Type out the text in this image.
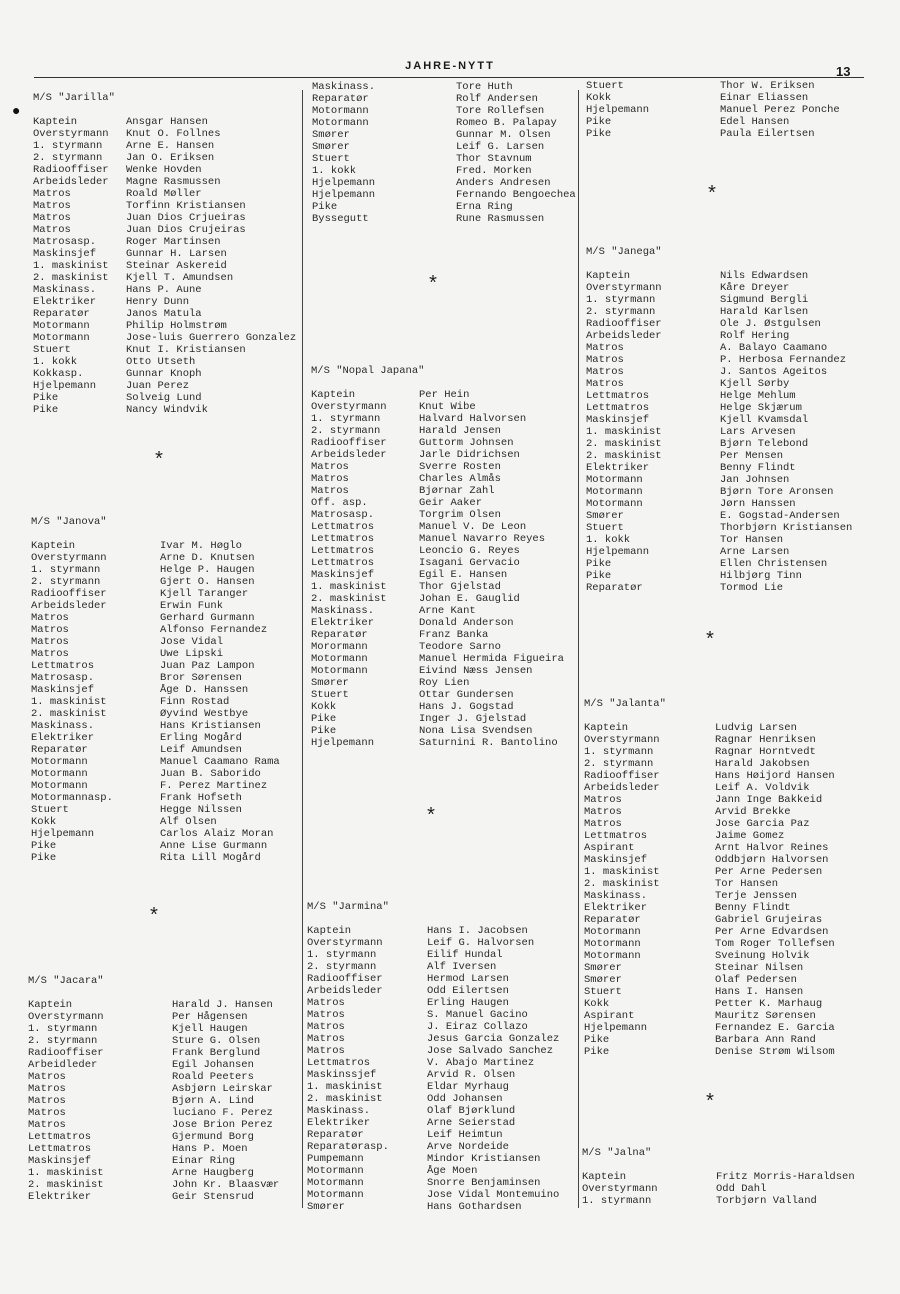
JAHRE-NYTT	13
●
M/S "Jarilla"
Kaptein	Ansgar Hansen
Overstyrmann	Knut O. Follnes
1. styrmann	Arne E. Hansen
2. styrmann	Jan O. Eriksen
Radiooffiser	Wenke Hovden
Arbeidsleder	Magne Rasmussen
Matros	Roald Møller
Matros	Torfinn Kristiansen
Matros	Juan Dios Crjueiras
Matros	Juan Dios Crujeiras
Matrosasp.	Roger Martinsen
Maskinsjef	Gunnar H. Larsen
1. maskinist	Steinar Askereid
2. maskinist	Kjell T. Amundsen
Maskinass.	Hans P. Aune
Elektriker	Henry Dunn
Reparatør	Janos Matula
Motormann	Philip Holmstrøm
Motormann	Jose-luis Guerrero Gonzalez
Stuert	Knut I. Kristiansen
1. kokk	Otto Utseth
Kokkasp.	Gunnar Knoph
Hjelpemann	Juan Perez
Pike	Solveig Lund
Pike	Nancy Windvik
*
M/S "Janova"
Kaptein	Ivar M. Høglo
Overstyrmann	Arne D. Knutsen
1. styrmann	Helge P. Haugen
2. styrmann	Gjert O. Hansen
Radiooffiser	Kjell Taranger
Arbeidsleder	Erwin Funk
Matros	Gerhard Gurmann
Matros	Alfonso Fernandez
Matros	Jose Vidal
Matros	Uwe Lipski
Lettmatros	Juan Paz Lampon
Matrosasp.	Bror Sørensen
Maskinsjef	Åge D. Hanssen
1. maskinist	Finn Rostad
2. maskinist	Øyvind Westbye
Maskinass.	Hans Kristiansen
Elektriker	Erling Mogård
Reparatør	Leif Amundsen
Motormann	Manuel Caamano Rama
Motormann	Juan B. Saborido
Motormann	F. Perez Martinez
Motormannasp.	Frank Hofseth
Stuert	Hegge Nilssen
Kokk	Alf Olsen
Hjelpemann	Carlos Alaiz Moran
Pike	Anne Lise Gurmann
Pike	Rita Lill Mogård
*
M/S "Jacara"
Kaptein	Harald J. Hansen
Overstyrmann	Per Hågensen
1. styrmann	Kjell Haugen
2. styrmann	Sture G. Olsen
Radiooffiser	Frank Berglund
Arbeidleder	Egil Johansen
Matros	Roald Peeters
Matros	Asbjørn Leirskar
Matros	Bjørn A. Lind
Matros	luciano F. Perez
Matros	Jose Brion Perez
Lettmatros	Gjermund Borg
Lettmatros	Hans P. Moen
Maskinsjef	Einar Ring
1. maskinist	Arne Haugberg
2. maskinist	John Kr. Blaasvær
Elektriker	Geir Stensrud
Maskinass.	Tore Huth
Reparatør	Rolf Andersen
Motormann	Tore Rollefsen
Motormann	Romeo B. Palapay
Smører	Gunnar M. Olsen
Smører	Leif G. Larsen
Stuert	Thor Stavnum
1. kokk	Fred. Morken
Hjelpemann	Anders Andresen
Hjelpemann	Fernando Bengoechea
Pike	Erna Ring
Byssegutt	Rune Rasmussen
*
M/S "Nopal Japana"
Kaptein	Per Hein
Overstyrmann	Knut Wibe
1. styrmann	Halvard Halvorsen
2. styrmann	Harald Jensen
Radiooffiser	Guttorm Johnsen
Arbeidsleder	Jarle Didrichsen
Matros	Sverre Rosten
Matros	Charles Almås
Matros	Bjørnar Zahl
Off. asp.	Geir Aaker
Matrosasp.	Torgrim Olsen
Lettmatros	Manuel V. De Leon
Lettmatros	Manuel Navarro Reyes
Lettmatros	Leoncio G. Reyes
Lettmatros	Isagani Gervacio
Maskinsjef	Egil E. Hansen
1. maskinist	Thor Gjelstad
2. maskinist	Johan E. Gauglid
Maskinass.	Arne Kant
Elektriker	Donald Anderson
Reparatør	Franz Banka
Morormann	Teodore Sarno
Motormann	Manuel Hermida Figueira
Motormann	Eivind Næss Jensen
Smører	Roy Lien
Stuert	Ottar Gundersen
Kokk	Hans J. Gogstad
Pike	Inger J. Gjelstad
Pike	Nona Lisa Svendsen
Hjelpemann	Saturnini R. Bantolino
*
M/S "Jarmina"
Kaptein	Hans I. Jacobsen
Overstyrmann	Leif G. Halvorsen
1. styrmann	Eilif Hundal
2. styrmann	Alf Iversen
Radiooffiser	Hermod Larsen
Arbeidsleder	Odd Eilertsen
Matros	Erling Haugen
Matros	S. Manuel Gacino
Matros	J. Eiraz Collazo
Matros	Jesus Garcia Gonzalez
Matros	Jose Salvado Sanchez
Lettmatros	V. Abajo Martinez
Maskinssjef	Arvid R. Olsen
1. maskinist	Eldar Myrhaug
2. maskinist	Odd Johansen
Maskinass.	Olaf Bjørklund
Elektriker	Arne Seierstad
Reparatør	Leif Heimtun
Reparatørasp.	Arve Nordeide
Pumpemann	Mindor Kristiansen
Motormann	Åge Moen
Motormann	Snorre Benjaminsen
Motormann	Jose Vidal Montemuino
Smører	Hans Gothardsen
Stuert	Thor W. Eriksen
Kokk	Einar Eliassen
Hjelpemann	Manuel Perez Ponche
Pike	Edel Hansen
Pike	Paula Eilertsen
*
M/S "Janega"
Kaptein	Nils Edwardsen
Overstyrmann	Kåre Dreyer
1. styrmann	Sigmund Bergli
2. styrmann	Harald Karlsen
Radiooffiser	Ole J. Østgulsen
Arbeidsleder	Rolf Hering
Matros	A. Balayo Caamano
Matros	P. Herbosa Fernandez
Matros	J. Santos Ageitos
Matros	Kjell Sørby
Lettmatros	Helge Mehlum
Lettmatros	Helge Skjærum
Maskinsjef	Kjell Kvamsdal
1. maskinist	Lars Arvesen
2. maskinist	Bjørn Telebond
2. maskinist	Per Mensen
Elektriker	Benny Flindt
Motormann	Jan Johnsen
Motormann	Bjørn Tore Aronsen
Motormann	Jørn Hanssen
Smører	E. Gogstad-Andersen
Stuert	Thorbjørn Kristiansen
1. kokk	Tor Hansen
Hjelpemann	Arne Larsen
Pike	Ellen Christensen
Pike	Hilbjørg Tinn
Reparatør	Tormod Lie
*
M/S "Jalanta"
Kaptein	Ludvig Larsen
Overstyrmann	Ragnar Henriksen
1. styrmann	Ragnar Horntvedt
2. styrmann	Harald Jakobsen
Radiooffiser	Hans Høijord Hansen
Arbeidsleder	Leif A. Voldvik
Matros	Jann Inge Bakkeid
Matros	Arvid Brekke
Matros	Jose Garcia Paz
Lettmatros	Jaime Gomez
Aspirant	Arnt Halvor Reines
Maskinsjef	Oddbjørn Halvorsen
1. maskinist	Per Arne Pedersen
2. maskinist	Tor Hansen
Maskinass.	Terje Jenssen
Elektriker	Benny Flindt
Reparatør	Gabriel Grujeiras
Motormann	Per Arne Edvardsen
Motormann	Tom Roger Tollefsen
Motormann	Sveinung Holvik
Smører	Steinar Nilsen
Smører	Olaf Pedersen
Stuert	Hans I. Hansen
Kokk	Petter K. Marhaug
Aspirant	Mauritz Sørensen
Hjelpemann	Fernandez E. Garcia
Pike	Barbara Ann Rand
Pike	Denise Strøm Wilsom
*
M/S "Jalna"
Kaptein	Fritz Morris-Haraldsen
Overstyrmann	Odd Dahl
1. styrmann	Torbjørn Valland
